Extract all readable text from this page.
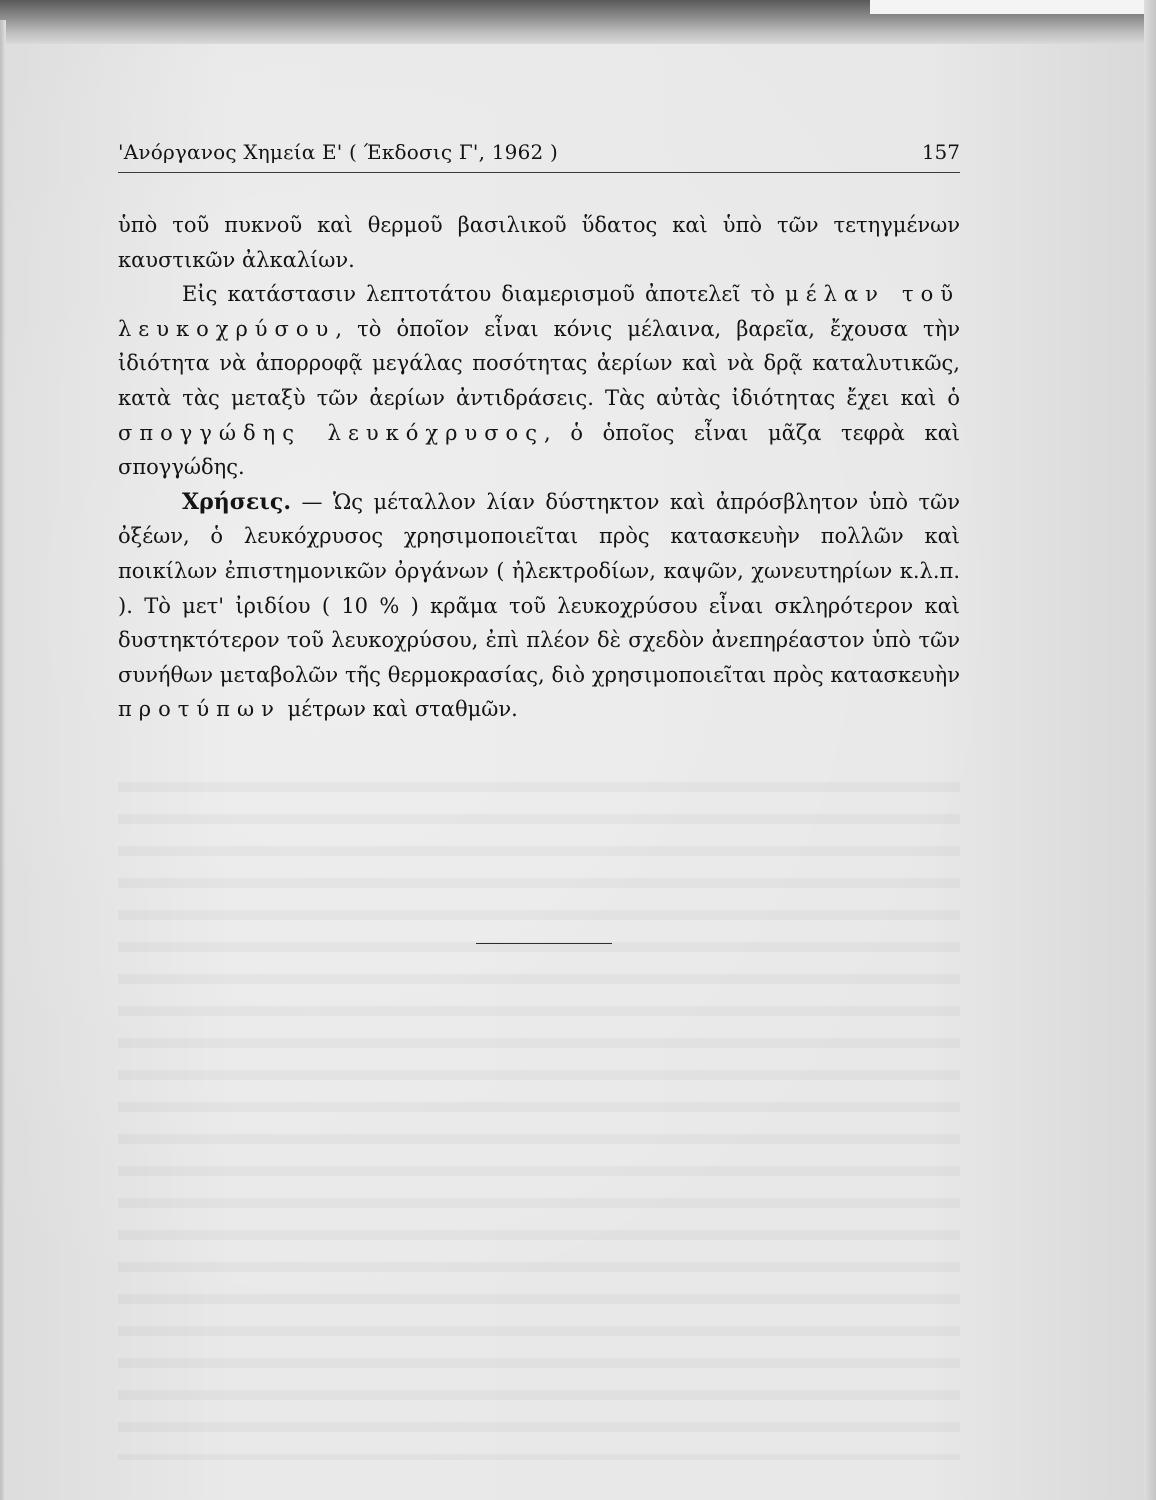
'Ανόργανος Χημεία Ε' ( Έκδοσις Γ', 1962 )	157

ὑπὸ τοῦ πυκνοῦ καὶ θερμοῦ βασιλικοῦ ὕδατος καὶ ὑπὸ τῶν τετηγμένων καυστικῶν ἀλκαλίων.

Εἰς κατάστασιν λεπτοτάτου διαμερισμοῦ ἀποτελεῖ τὸ μέλαν τοῦ λευκοχρύσου, τὸ ὁποῖον εἶναι κόνις μέλαινα, βαρεῖα, ἔχουσα τὴν ἰδιότητα νὰ ἀπορροφᾷ μεγάλας ποσότητας ἀερίων καὶ νὰ δρᾷ καταλυτικῶς, κατὰ τὰς μεταξὺ τῶν ἀερίων ἀντιδράσεις. Τὰς αὐτὰς ἰδιότητας ἔχει καὶ ὁ σπογγώδης λευκόχρυσος, ὁ ὁποῖος εἶναι μᾶζα τεφρὰ καὶ σπογγώδης.

Χρήσεις. — Ὡς μέταλλον λίαν δύστηκτον καὶ ἀπρόσβλητον ὑπὸ τῶν ὀξέων, ὁ λευκόχρυσος χρησιμοποιεῖται πρὸς κατασκευὴν πολλῶν καὶ ποικίλων ἐπιστημονικῶν ὀργάνων ( ἠλεκτροδίων, καψῶν, χωνευτηρίων κ.λ.π. ). Τὸ μετ' ἰριδίου ( 10 % ) κρᾶμα τοῦ λευκοχρύσου εἶναι σκληρότερον καὶ δυστηκτότερον τοῦ λευκοχρύσου, ἐπὶ πλέον δὲ σχεδὸν ἀνεπηρέαστον ὑπὸ τῶν συνήθων μεταβολῶν τῆς θερμοκρασίας, διὸ χρησιμοποιεῖται πρὸς κατασκευὴν προτύπων μέτρων καὶ σταθμῶν.
